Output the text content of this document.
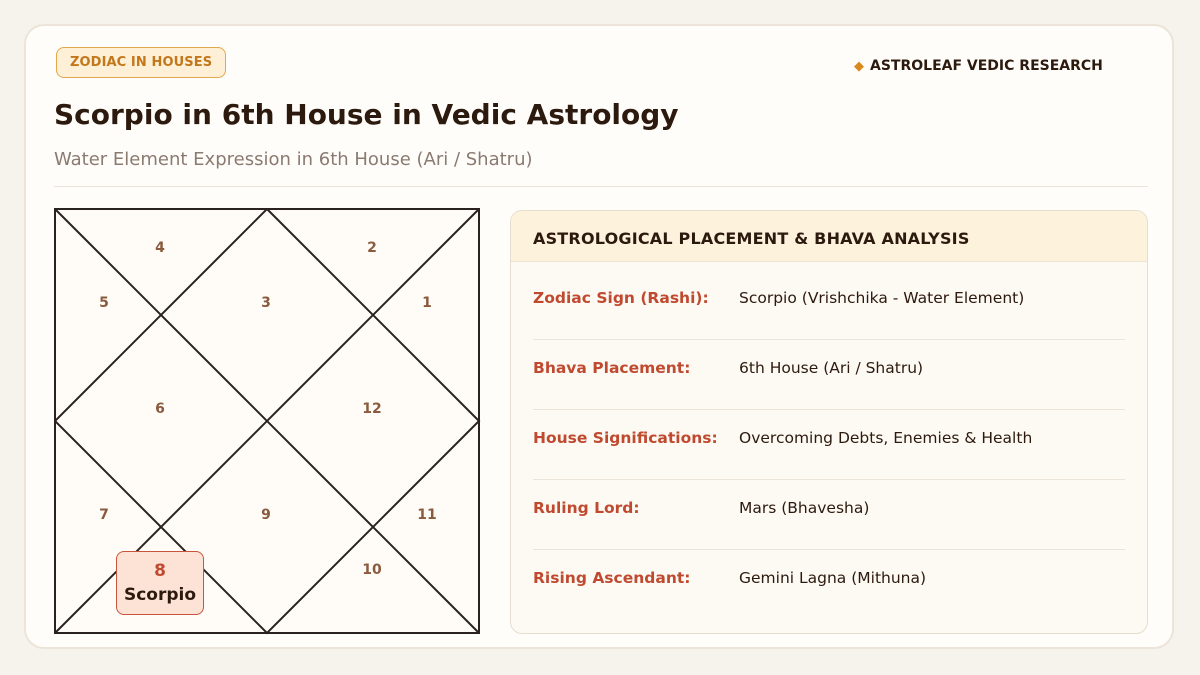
ZODIAC IN HOUSES	◆ ASTROLEAF VEDIC RESEARCH
Scorpio in 6th House in Vedic Astrology
Water Element Expression in 6th House (Ari / Shatru)
4	2
5	3	1
6	12
7	9	11
10
8
Scorpio
ASTROLOGICAL PLACEMENT & BHAVA ANALYSIS
Zodiac Sign (Rashi): Scorpio (Vrishchika - Water Element)
Bhava Placement:	6th House (Ari / Shatru)
House Significations: Overcoming Debts, Enemies & Health
Ruling Lord:	Mars (Bhavesha)
Rising Ascendant:	Gemini Lagna (Mithuna)
